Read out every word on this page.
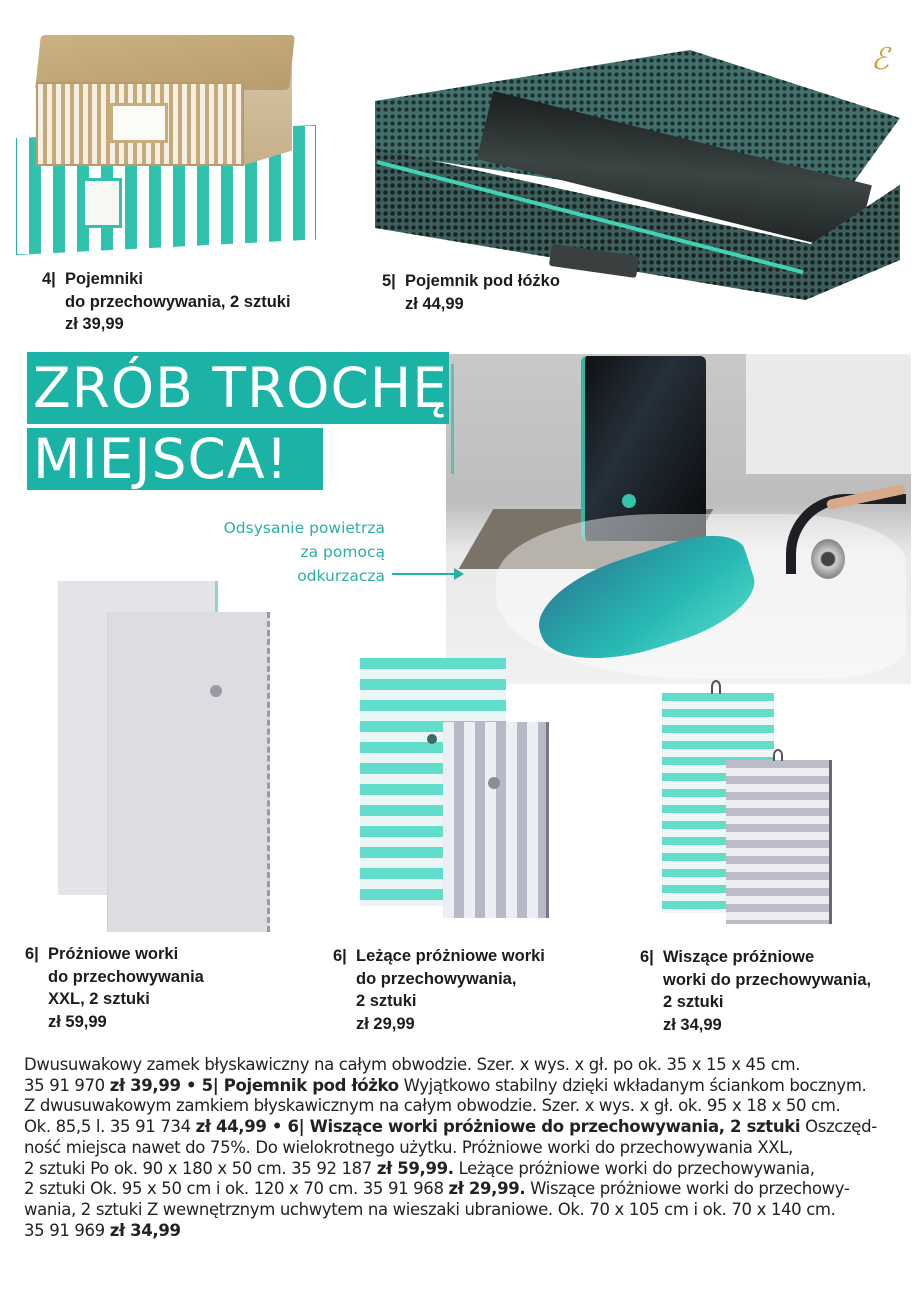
ℰ
4| Pojemniki
do przechowywania, 2 sztuki
zł 39,99
5| Pojemnik pod łóżko
zł 44,99
ZRÓB TROCHĘ
MIEJSCA!
Odsysanie powietrza
za pomocą
odkurzacza
6| Próżniowe worki
do przechowywania
XXL, 2 sztuki
zł 59,99
6| Leżące próżniowe worki
do przechowywania,
2 sztuki
zł 29,99
6| Wiszące próżniowe
worki do przechowywania,
2 sztuki
zł 34,99
Dwusuwakowy zamek błyskawiczny na całym obwodzie. Szer. x wys. x gł. po ok. 35 x 15 x 45 cm.
35 91 970 zł 39,99 • 5| Pojemnik pod łóżko Wyjątkowo stabilny dzięki wkładanym ściankom bocznym.
Z dwusuwakowym zamkiem błyskawicznym na całym obwodzie. Szer. x wys. x gł. ok. 95 x 18 x 50 cm.
Ok. 85,5 l. 35 91 734 zł 44,99 • 6| Wiszące worki próżniowe do przechowywania, 2 sztuki Oszczęd-
ność miejsca nawet do 75%. Do wielokrotnego użytku. Próżniowe worki do przechowywania XXL,
2 sztuki Po ok. 90 x 180 x 50 cm. 35 92 187 zł 59,99. Leżące próżniowe worki do przechowywania,
2 sztuki Ok. 95 x 50 cm i ok. 120 x 70 cm. 35 91 968 zł 29,99. Wiszące próżniowe worki do przechowy-
wania, 2 sztuki Z wewnętrznym uchwytem na wieszaki ubraniowe. Ok. 70 x 105 cm i ok. 70 x 140 cm.
35 91 969 zł 34,99
